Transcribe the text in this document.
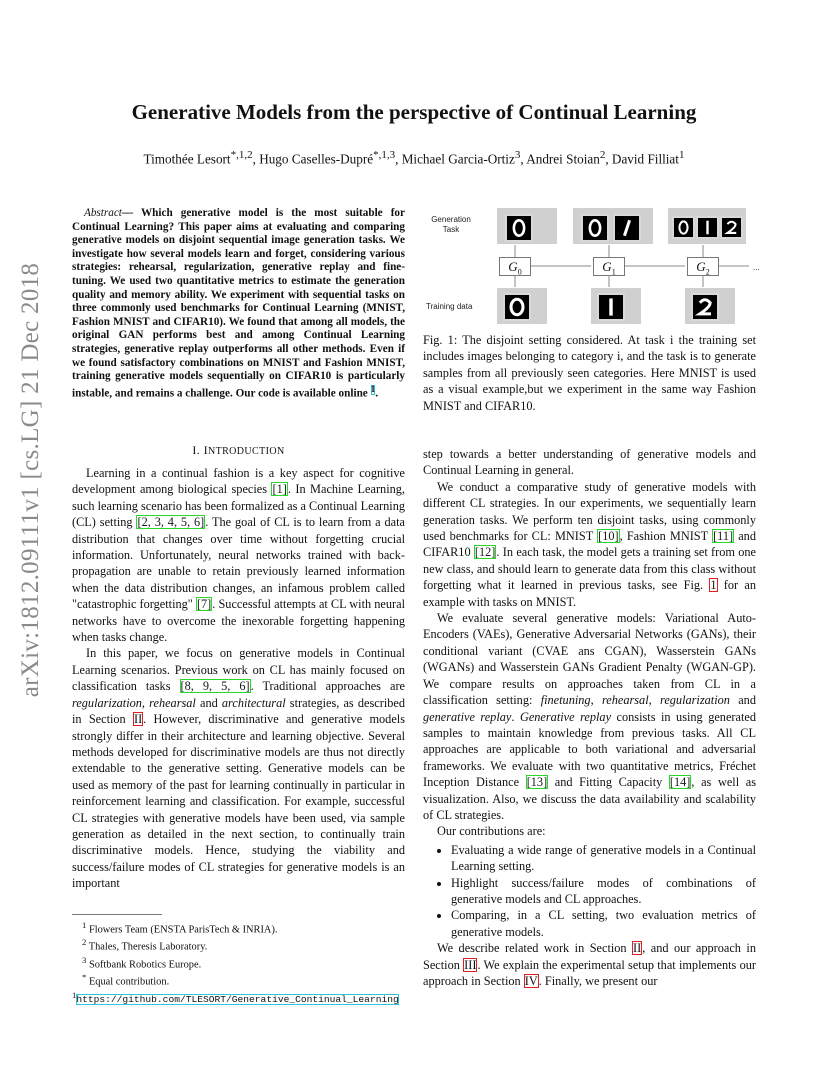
arXiv:1812.09111v1 [cs.LG] 21 Dec 2018
Generative Models from the perspective of Continual Learning
Timothée Lesort$^{*,1,2}$, Hugo Caselles-Dupré$^{*,1,3}$, Michael Garcia-Ortiz$^3$, Andrei Stoian$^2$, David Filliat$^1$
Abstract— Which generative model is the most suitable for Continual Learning? This paper aims at evaluating and comparing generative models on disjoint sequential image generation tasks. We investigate how several models learn and forget, considering various strategies: rehearsal, regularization, generative replay and fine-tuning. We used two quantitative metrics to estimate the generation quality and memory ability. We experiment with sequential tasks on three commonly used benchmarks for Continual Learning (MNIST, Fashion MNIST and CIFAR10). We found that among all models, the original GAN performs best and among Continual Learning strategies, generative replay outperforms all other methods. Even if we found satisfactory combinations on MNIST and Fashion MNIST, training generative models sequentially on CIFAR10 is particularly instable, and remains a challenge. Our code is available online $^1$.
I. INTRODUCTION

Learning in a continual fashion is a key aspect for cognitive development among biological species [1]. In Machine Learning, such learning scenario has been formalized as a Continual Learning (CL) setting [2, 3, 4, 5, 6]. The goal of CL is to learn from a data distribution that changes over time without forgetting crucial information. Unfortunately, neural networks trained with back-propagation are unable to retain previously learned information when the data distribution changes, an infamous problem called "catastrophic forgetting" [7]. Successful attempts at CL with neural networks have to overcome the inexorable forgetting happening when tasks change.

In this paper, we focus on generative models in Continual Learning scenarios. Previous work on CL has mainly focused on classification tasks [8, 9, 5, 6]. Traditional approaches are regularization, rehearsal and architectural strategies, as described in Section II. However, discriminative and generative models strongly differ in their architecture and learning objective. Several methods developed for discriminative models are thus not directly extendable to the generative setting. Generative models can be used as memory of the past for learning continually in particular in reinforcement learning and classification. For example, successful CL strategies with generative models have been used, via sample generation as detailed in the next section, to continually train discriminative models. Hence, studying the viability and success/failure modes of CL strategies for generative models is an important

$^1$ Flowers Team (ENSTA ParisTech & INRIA).
$^2$ Thales, Theresis Laboratory.
$^3$ Softbank Robotics Europe.
* Equal contribution.
$^1$https://github.com/TLESORT/Generative_Continual_Learning
Generation Task
Training data
...
$G_0$	$G_1$	$G_2$
Fig. 1: The disjoint setting considered. At task i the training set includes images belonging to category i, and the task is to generate samples from all previously seen categories. Here MNIST is used as a visual example,but we experiment in the same way Fashion MNIST and CIFAR10.

step towards a better understanding of generative models and Continual Learning in general.

We conduct a comparative study of generative models with different CL strategies. In our experiments, we sequentially learn generation tasks. We perform ten disjoint tasks, using commonly used benchmarks for CL: MNIST [10], Fashion MNIST [11] and CIFAR10 [12]. In each task, the model gets a training set from one new class, and should learn to generate data from this class without forgetting what it learned in previous tasks, see Fig. 1 for an example with tasks on MNIST.

We evaluate several generative models: Variational Auto-Encoders (VAEs), Generative Adversarial Networks (GANs), their conditional variant (CVAE ans CGAN), Wasserstein GANs (WGANs) and Wasserstein GANs Gradient Penalty (WGAN-GP). We compare results on approaches taken from CL in a classification setting: finetuning, rehearsal, regularization and generative replay. Generative replay consists in using generated samples to maintain knowledge from previous tasks. All CL approaches are applicable to both variational and adversarial frameworks. We evaluate with two quantitative metrics, Fréchet Inception Distance [13] and Fitting Capacity [14], as well as visualization. Also, we discuss the data availability and scalability of CL strategies.

Our contributions are:

• Evaluating a wide range of generative models in a Continual Learning setting.
• Highlight success/failure modes of combinations of generative models and CL approaches.
• Comparing, in a CL setting, two evaluation metrics of generative models.

We describe related work in Section II, and our approach in Section III. We explain the experimental setup that implements our approach in Section IV. Finally, we present our
